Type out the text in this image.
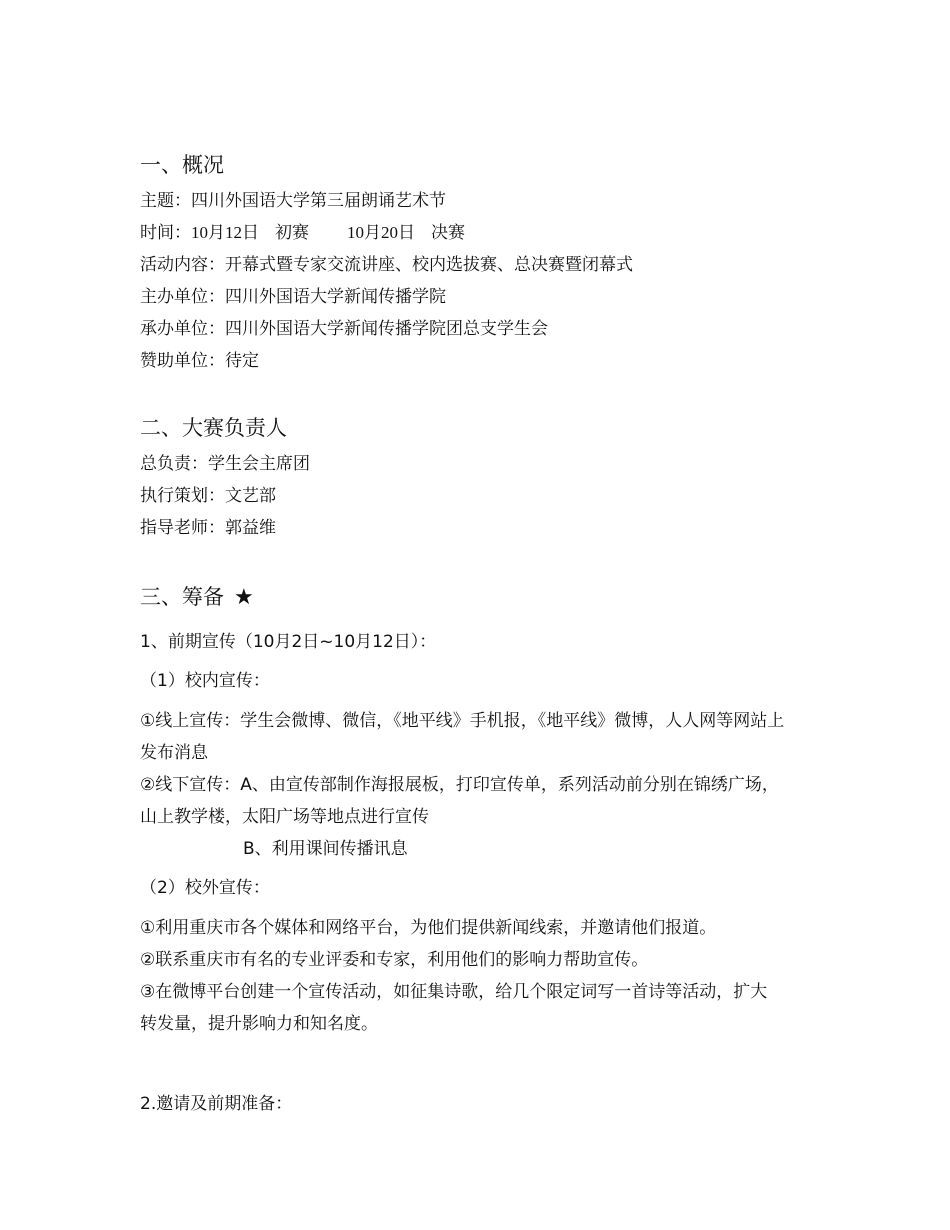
一、概况
主题：四川外国语大学第三届朗诵艺术节
时间：10月12日 初赛 10月20日 决赛
活动内容：开幕式暨专家交流讲座、校内选拔赛、总决赛暨闭幕式
主办单位：四川外国语大学新闻传播学院
承办单位：四川外国语大学新闻传播学院团总支学生会
赞助单位：待定
二、大赛负责人
总负责：学生会主席团
执行策划：文艺部
指导老师：郭益维
三、筹备 ★
1、前期宣传（10月2日~10月12日）：
（1）校内宣传：
①线上宣传：学生会微博、微信，《地平线》手机报，《地平线》微博，人人网等网站上
发布消息
②线下宣传：A、由宣传部制作海报展板，打印宣传单，系列活动前分别在锦绣广场，
山上教学楼，太阳广场等地点进行宣传
B、利用课间传播讯息
（2）校外宣传：
①利用重庆市各个媒体和网络平台，为他们提供新闻线索，并邀请他们报道。
②联系重庆市有名的专业评委和专家，利用他们的影响力帮助宣传。
③在微博平台创建一个宣传活动，如征集诗歌，给几个限定词写一首诗等活动，扩大
转发量，提升影响力和知名度。
2.邀请及前期准备：
